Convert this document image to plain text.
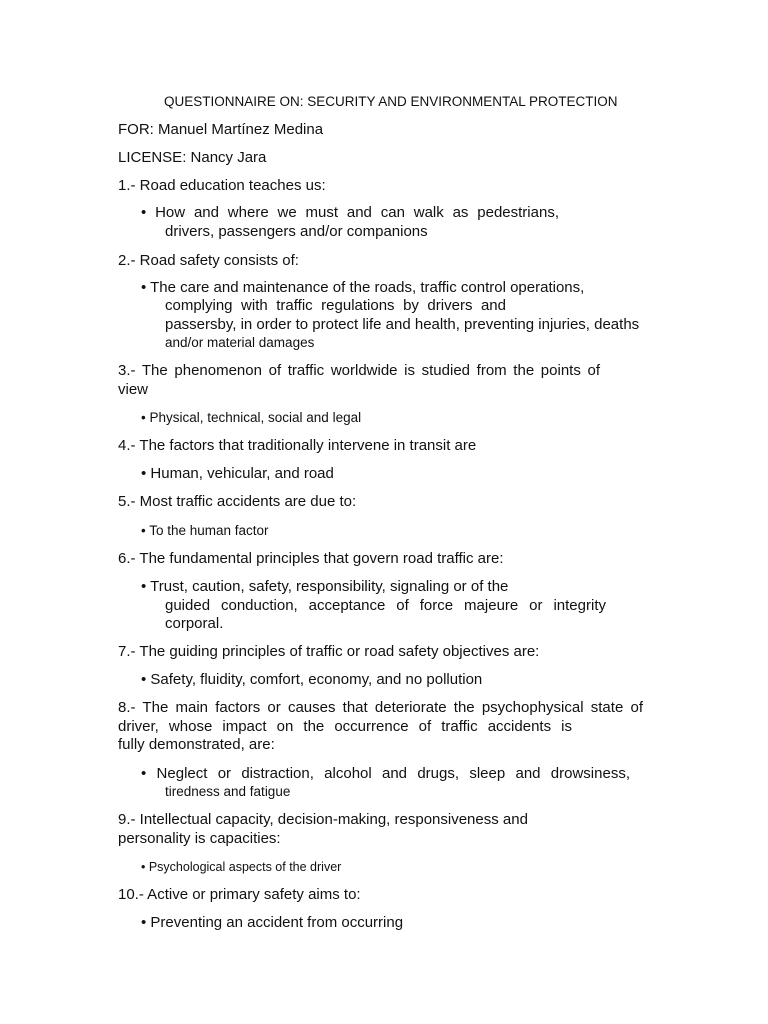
QUESTIONNAIRE ON: SECURITY AND ENVIRONMENTAL PROTECTION

FOR: Manuel Martínez Medina

LICENSE: Nancy Jara

1.- Road education teaches us:

• How and where we must and can walk as pedestrians,

drivers, passengers and/or companions

2.- Road safety consists of:

• The care and maintenance of the roads, traffic control operations,

complying with traffic regulations by drivers and

passersby, in order to protect life and health, preventing injuries, deaths

and/or material damages

3.- The phenomenon of traffic worldwide is studied from the points of

view

• Physical, technical, social and legal

4.- The factors that traditionally intervene in transit are

• Human, vehicular, and road

5.- Most traffic accidents are due to:

• To the human factor

6.- The fundamental principles that govern road traffic are:

• Trust, caution, safety, responsibility, signaling or of the

guided conduction, acceptance of force majeure or integrity

corporal.

7.- The guiding principles of traffic or road safety objectives are:

• Safety, fluidity, comfort, economy, and no pollution

8.- The main factors or causes that deteriorate the psychophysical state of

driver, whose impact on the occurrence of traffic accidents is

fully demonstrated, are:

• Neglect or distraction, alcohol and drugs, sleep and drowsiness,

tiredness and fatigue

9.- Intellectual capacity, decision-making, responsiveness and

personality is capacities:

• Psychological aspects of the driver

10.- Active or primary safety aims to:

• Preventing an accident from occurring
